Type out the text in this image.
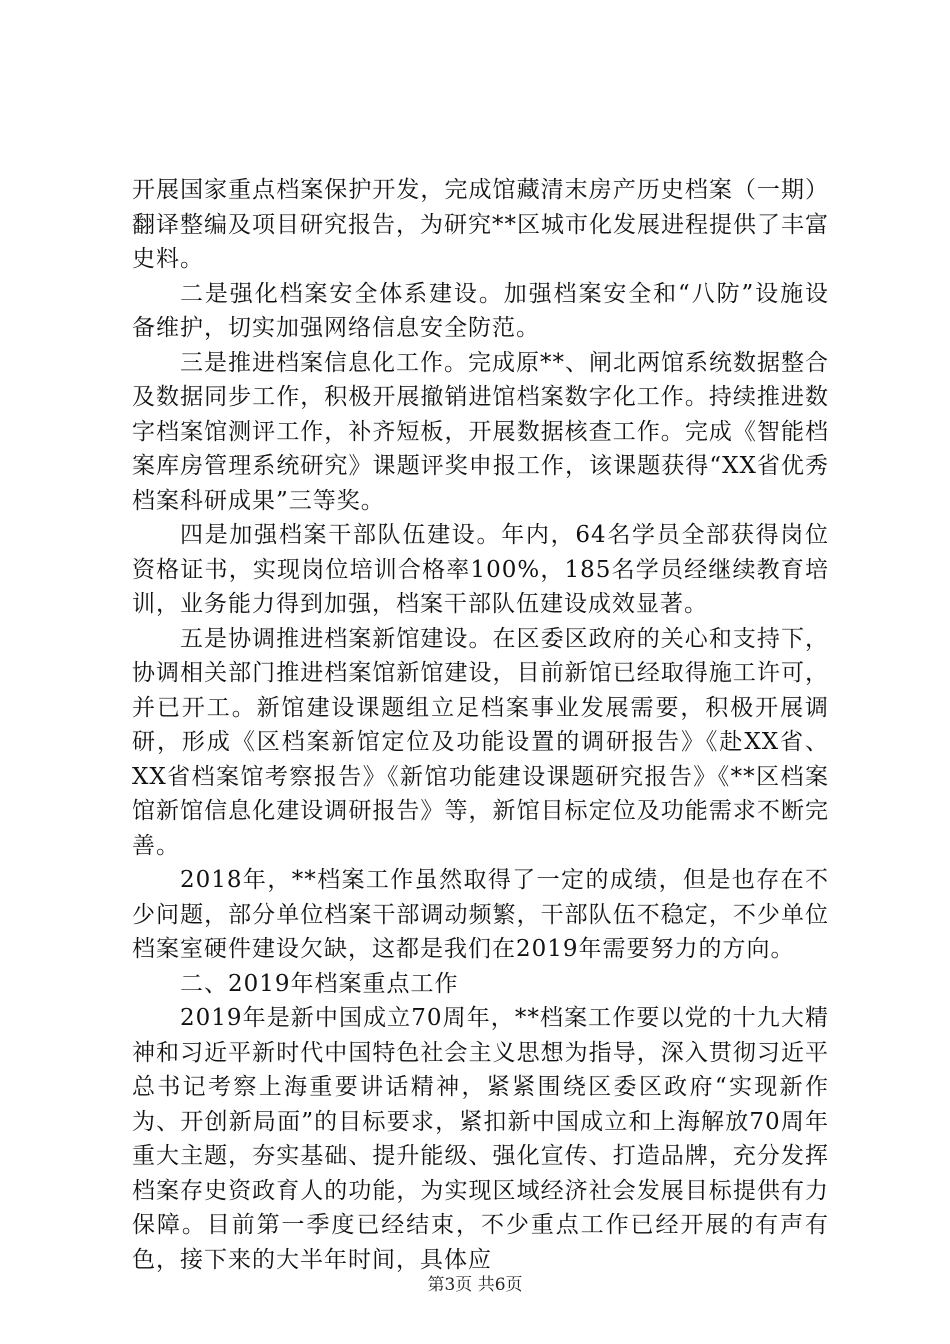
开展国家重点档案保护开发，完成馆藏清末房产历史档案（一期）翻译整编及项目研究报告，为研究**区城市化发展进程提供了丰富史料。

二是强化档案安全体系建设。加强档案安全和“八防”设施设备维护，切实加强网络信息安全防范。

三是推进档案信息化工作。完成原**、闸北两馆系统数据整合及数据同步工作，积极开展撤销进馆档案数字化工作。持续推进数字档案馆测评工作，补齐短板，开展数据核查工作。完成《智能档案库房管理系统研究》课题评奖申报工作，该课题获得“XX省优秀档案科研成果”三等奖。

四是加强档案干部队伍建设。年内，64名学员全部获得岗位资格证书，实现岗位培训合格率100%，185名学员经继续教育培训，业务能力得到加强，档案干部队伍建设成效显著。

五是协调推进档案新馆建设。在区委区政府的关心和支持下，协调相关部门推进档案馆新馆建设，目前新馆已经取得施工许可，并已开工。新馆建设课题组立足档案事业发展需要，积极开展调研，形成《区档案新馆定位及功能设置的调研报告》《赴XX省、XX省档案馆考察报告》《新馆功能建设课题研究报告》《**区档案馆新馆信息化建设调研报告》等，新馆目标定位及功能需求不断完善。

2018年，**档案工作虽然取得了一定的成绩，但是也存在不少问题，部分单位档案干部调动频繁，干部队伍不稳定，不少单位档案室硬件建设欠缺，这都是我们在2019年需要努力的方向。

二、2019年档案重点工作

2019年是新中国成立70周年，**档案工作要以党的十九大精神和习近平新时代中国特色社会主义思想为指导，深入贯彻习近平总书记考察上海重要讲话精神，紧紧围绕区委区政府“实现新作为、开创新局面”的目标要求，紧扣新中国成立和上海解放70周年重大主题，夯实基础、提升能级、强化宣传、打造品牌，充分发挥档案存史资政育人的功能，为实现区域经济社会发展目标提供有力保障。目前第一季度已经结束，不少重点工作已经开展的有声有色，接下来的大半年时间，具体应

第3页 共6页
